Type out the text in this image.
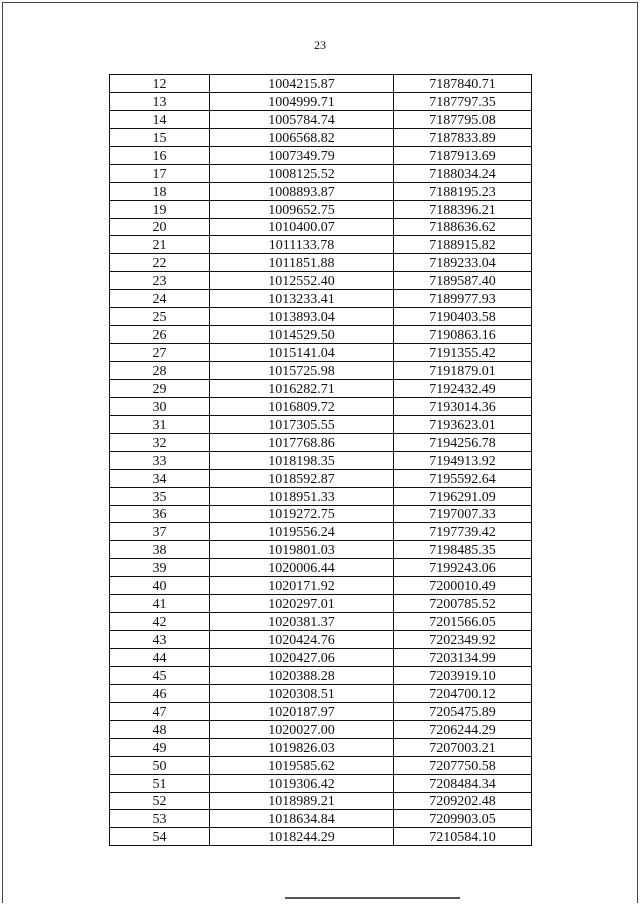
23
12	1004215.87	7187840.71
13	1004999.71	7187797.35
14	1005784.74	7187795.08
15	1006568.82	7187833.89
16	1007349.79	7187913.69
17	1008125.52	7188034.24
18	1008893.87	7188195.23
19	1009652.75	7188396.21
20	1010400.07	7188636.62
21	1011133.78	7188915.82
22	1011851.88	7189233.04
23	1012552.40	7189587.40
24	1013233.41	7189977.93
25	1013893.04	7190403.58
26	1014529.50	7190863.16
27	1015141.04	7191355.42
28	1015725.98	7191879.01
29	1016282.71	7192432.49
30	1016809.72	7193014.36
31	1017305.55	7193623.01
32	1017768.86	7194256.78
33	1018198.35	7194913.92
34	1018592.87	7195592.64
35	1018951.33	7196291.09
36	1019272.75	7197007.33
37	1019556.24	7197739.42
38	1019801.03	7198485.35
39	1020006.44	7199243.06
40	1020171.92	7200010.49
41	1020297.01	7200785.52
42	1020381.37	7201566.05
43	1020424.76	7202349.92
44	1020427.06	7203134.99
45	1020388.28	7203919.10
46	1020308.51	7204700.12
47	1020187.97	7205475.89
48	1020027.00	7206244.29
49	1019826.03	7207003.21
50	1019585.62	7207750.58
51	1019306.42	7208484.34
52	1018989.21	7209202.48
53	1018634.84	7209903.05
54	1018244.29	7210584.10
